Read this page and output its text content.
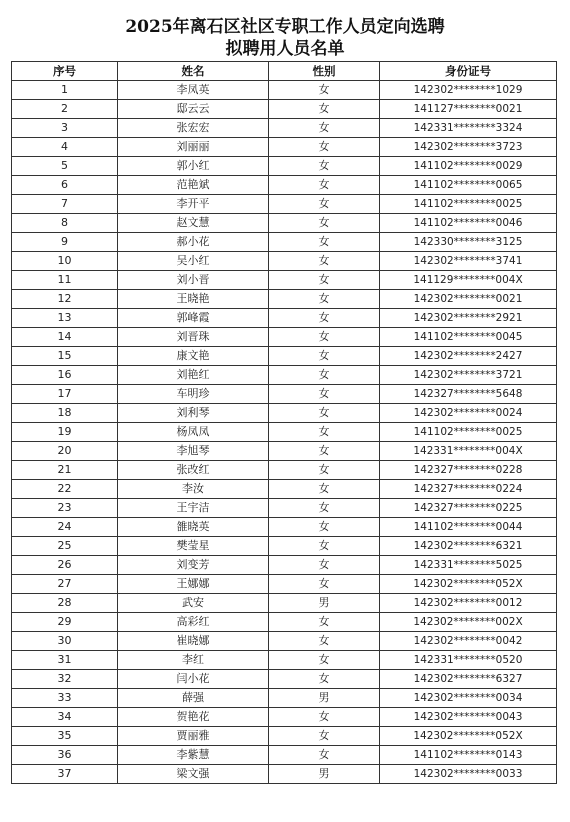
2025年离石区社区专职工作人员定向选聘
拟聘用人员名单
序号	姓名	性别	身份证号
1	李凤英	女	142302********1029
2	邸云云	女	141127********0021
3	张宏宏	女	142331********3324
4	刘丽丽	女	142302********3723
5	郭小红	女	141102********0029
6	范艳斌	女	141102********0065
7	李开平	女	141102********0025
8	赵文慧	女	141102********0046
9	郝小花	女	142330********3125
10	吴小红	女	142302********3741
11	刘小晋	女	141129********004X
12	王晓艳	女	142302********0021
13	郭峰霞	女	142302********2921
14	刘晋珠	女	141102********0045
15	康文艳	女	142302********2427
16	刘艳红	女	142302********3721
17	车明珍	女	142327********5648
18	刘利琴	女	142302********0024
19	杨凤凤	女	141102********0025
20	李旭琴	女	142331********004X
21	张改红	女	142327********0228
22	李汝	女	142327********0224
23	王宇洁	女	142327********0225
24	雒晓英	女	141102********0044
25	樊莹星	女	142302********6321
26	刘变芳	女	142331********5025
27	王娜娜	女	142302********052X
28	武安	男	142302********0012
29	高彩红	女	142302********002X
30	崔晓娜	女	142302********0042
31	李红	女	142331********0520
32	闫小花	女	142302********6327
33	薛强	男	142302********0034
34	贺艳花	女	142302********0043
35	贾丽雅	女	142302********052X
36	李紫慧	女	141102********0143
37	梁文强	男	142302********0033
